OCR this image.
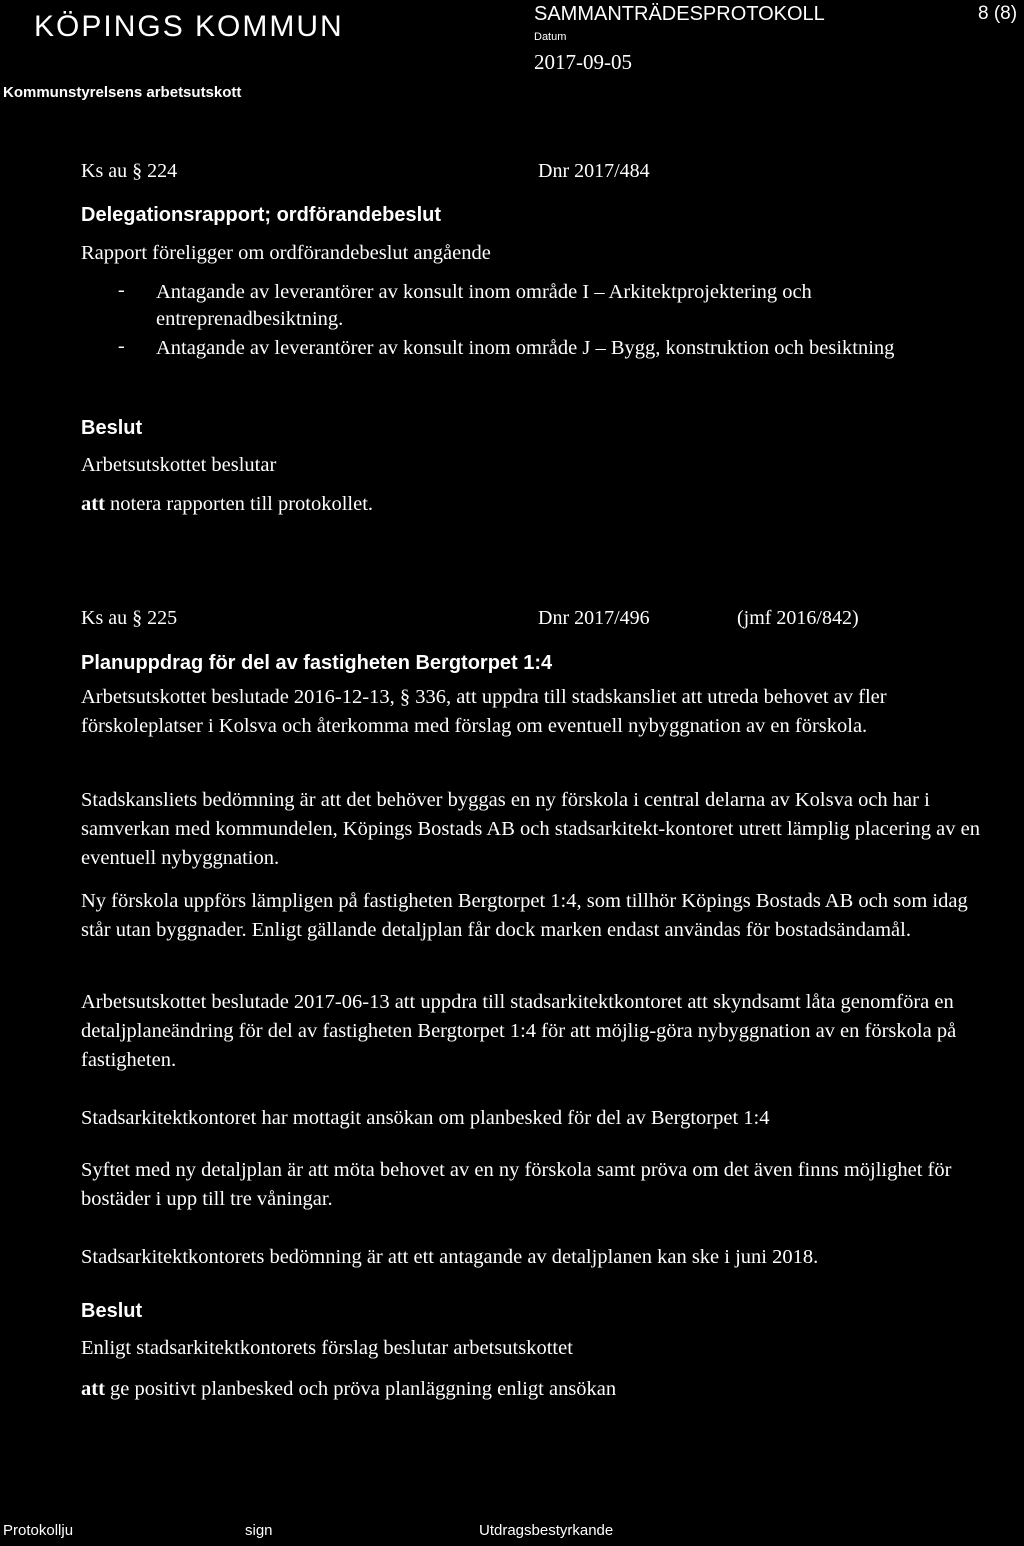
KÖPINGS KOMMUN
Kommunstyrelsens arbetsutskott
SAMMANTRÄDESPROTOKOLL
Datum
2017-09-05
8 (8)
Ks au § 224	Dnr 2017/484
Delegationsrapport; ordförandebeslut
Rapport föreligger om ordförandebeslut angående
- Antagande av leverantörer av konsult inom område I – Arkitektprojektering och entreprenadbesiktning.
- Antagande av leverantörer av konsult inom område J – Bygg, konstruktion och besiktning
Beslut
Arbetsutskottet beslutar
att notera rapporten till protokollet.
Ks au § 225	Dnr 2017/496	(jmf 2016/842)
Planuppdrag för del av fastigheten Bergtorpet 1:4
Arbetsutskottet beslutade 2016-12-13, § 336, att uppdra till stadskansliet att utreda behovet av fler förskoleplatser i Kolsva och återkomma med förslag om eventuell nybyggnation av en förskola.
Stadskansliets bedömning är att det behöver byggas en ny förskola i central delarna av Kolsva och har i samverkan med kommundelen, Köpings Bostads AB och stadsarkitekt-kontoret utrett lämplig placering av en eventuell nybyggnation.
Ny förskola uppförs lämpligen på fastigheten Bergtorpet 1:4, som tillhör Köpings Bostads AB och som idag står utan byggnader. Enligt gällande detaljplan får dock marken endast användas för bostadsändamål.
Arbetsutskottet beslutade 2017-06-13 att uppdra till stadsarkitektkontoret att skyndsamt låta genomföra en detaljplaneändring för del av fastigheten Bergtorpet 1:4 för att möjlig-göra nybyggnation av en förskola på fastigheten.
Stadsarkitektkontoret har mottagit ansökan om planbesked för del av Bergtorpet 1:4
Syftet med ny detaljplan är att möta behovet av en ny förskola samt pröva om det även finns möjlighet för bostäder i upp till tre våningar.
Stadsarkitektkontorets bedömning är att ett antagande av detaljplanen kan ske i juni 2018.
Beslut
Enligt stadsarkitektkontorets förslag beslutar arbetsutskottet
att ge positivt planbesked och pröva planläggning enligt ansökan
Protokollju	sign	Utdragsbestyrkande
